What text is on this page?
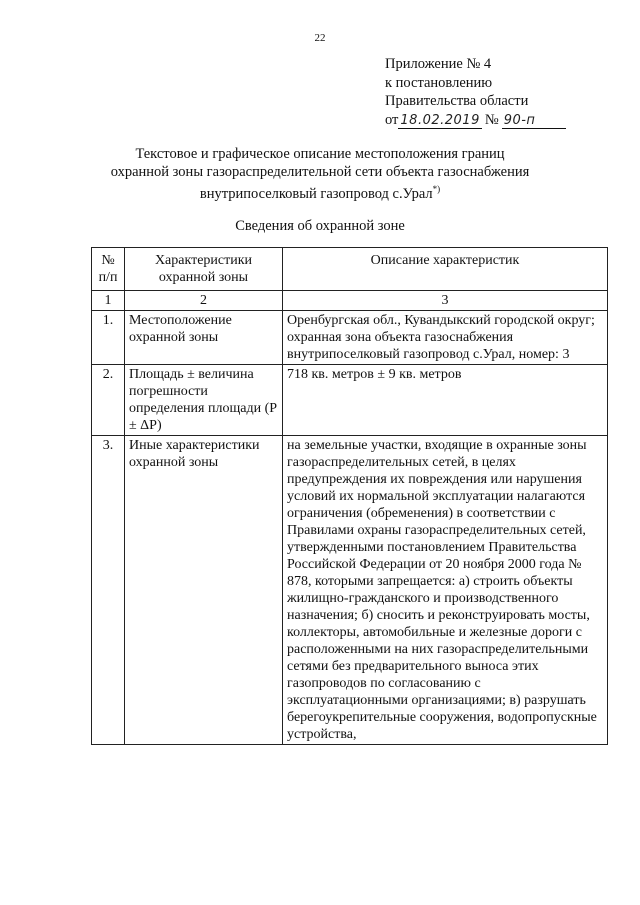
22
Приложение № 4
к постановлению
Правительства области
от 18.02.2019 № 90-п
Текстовое и графическое описание местоположения границ
охранной зоны газораспределительной сети объекта газоснабжения
внутрипоселковый газопровод с.Урал*)
Сведения об охранной зоне
№ п/п	Характеристики охранной зоны	Описание характеристик
1	2	3
1.	Местоположение охранной зоны	Оренбургская обл., Кувандыкский городской округ; охранная зона объекта газоснабжения внутрипоселковый газопровод с.Урал, номер: 3
2.	Площадь ± величина погрешности определения площади (P ± ΔP)	718 кв. метров ± 9 кв. метров
3.	Иные характеристики охранной зоны	на земельные участки, входящие в охранные зоны газораспределительных сетей, в целях предупреждения их повреждения или нарушения условий их нормальной эксплуатации налагаются ограничения (обременения) в соответствии с Правилами охраны газораспределительных сетей, утвержденными постановлением Правительства Российской Федерации от 20 ноября 2000 года № 878, которыми запрещается: а) строить объекты жилищно-гражданского и производственного назначения; б) сносить и реконструировать мосты, коллекторы, автомобильные и железные дороги с расположенными на них газораспределительными сетями без предварительного выноса этих газопроводов по согласованию с эксплуатационными организациями; в) разрушать берегоукрепительные сооружения, водопропускные устройства,
